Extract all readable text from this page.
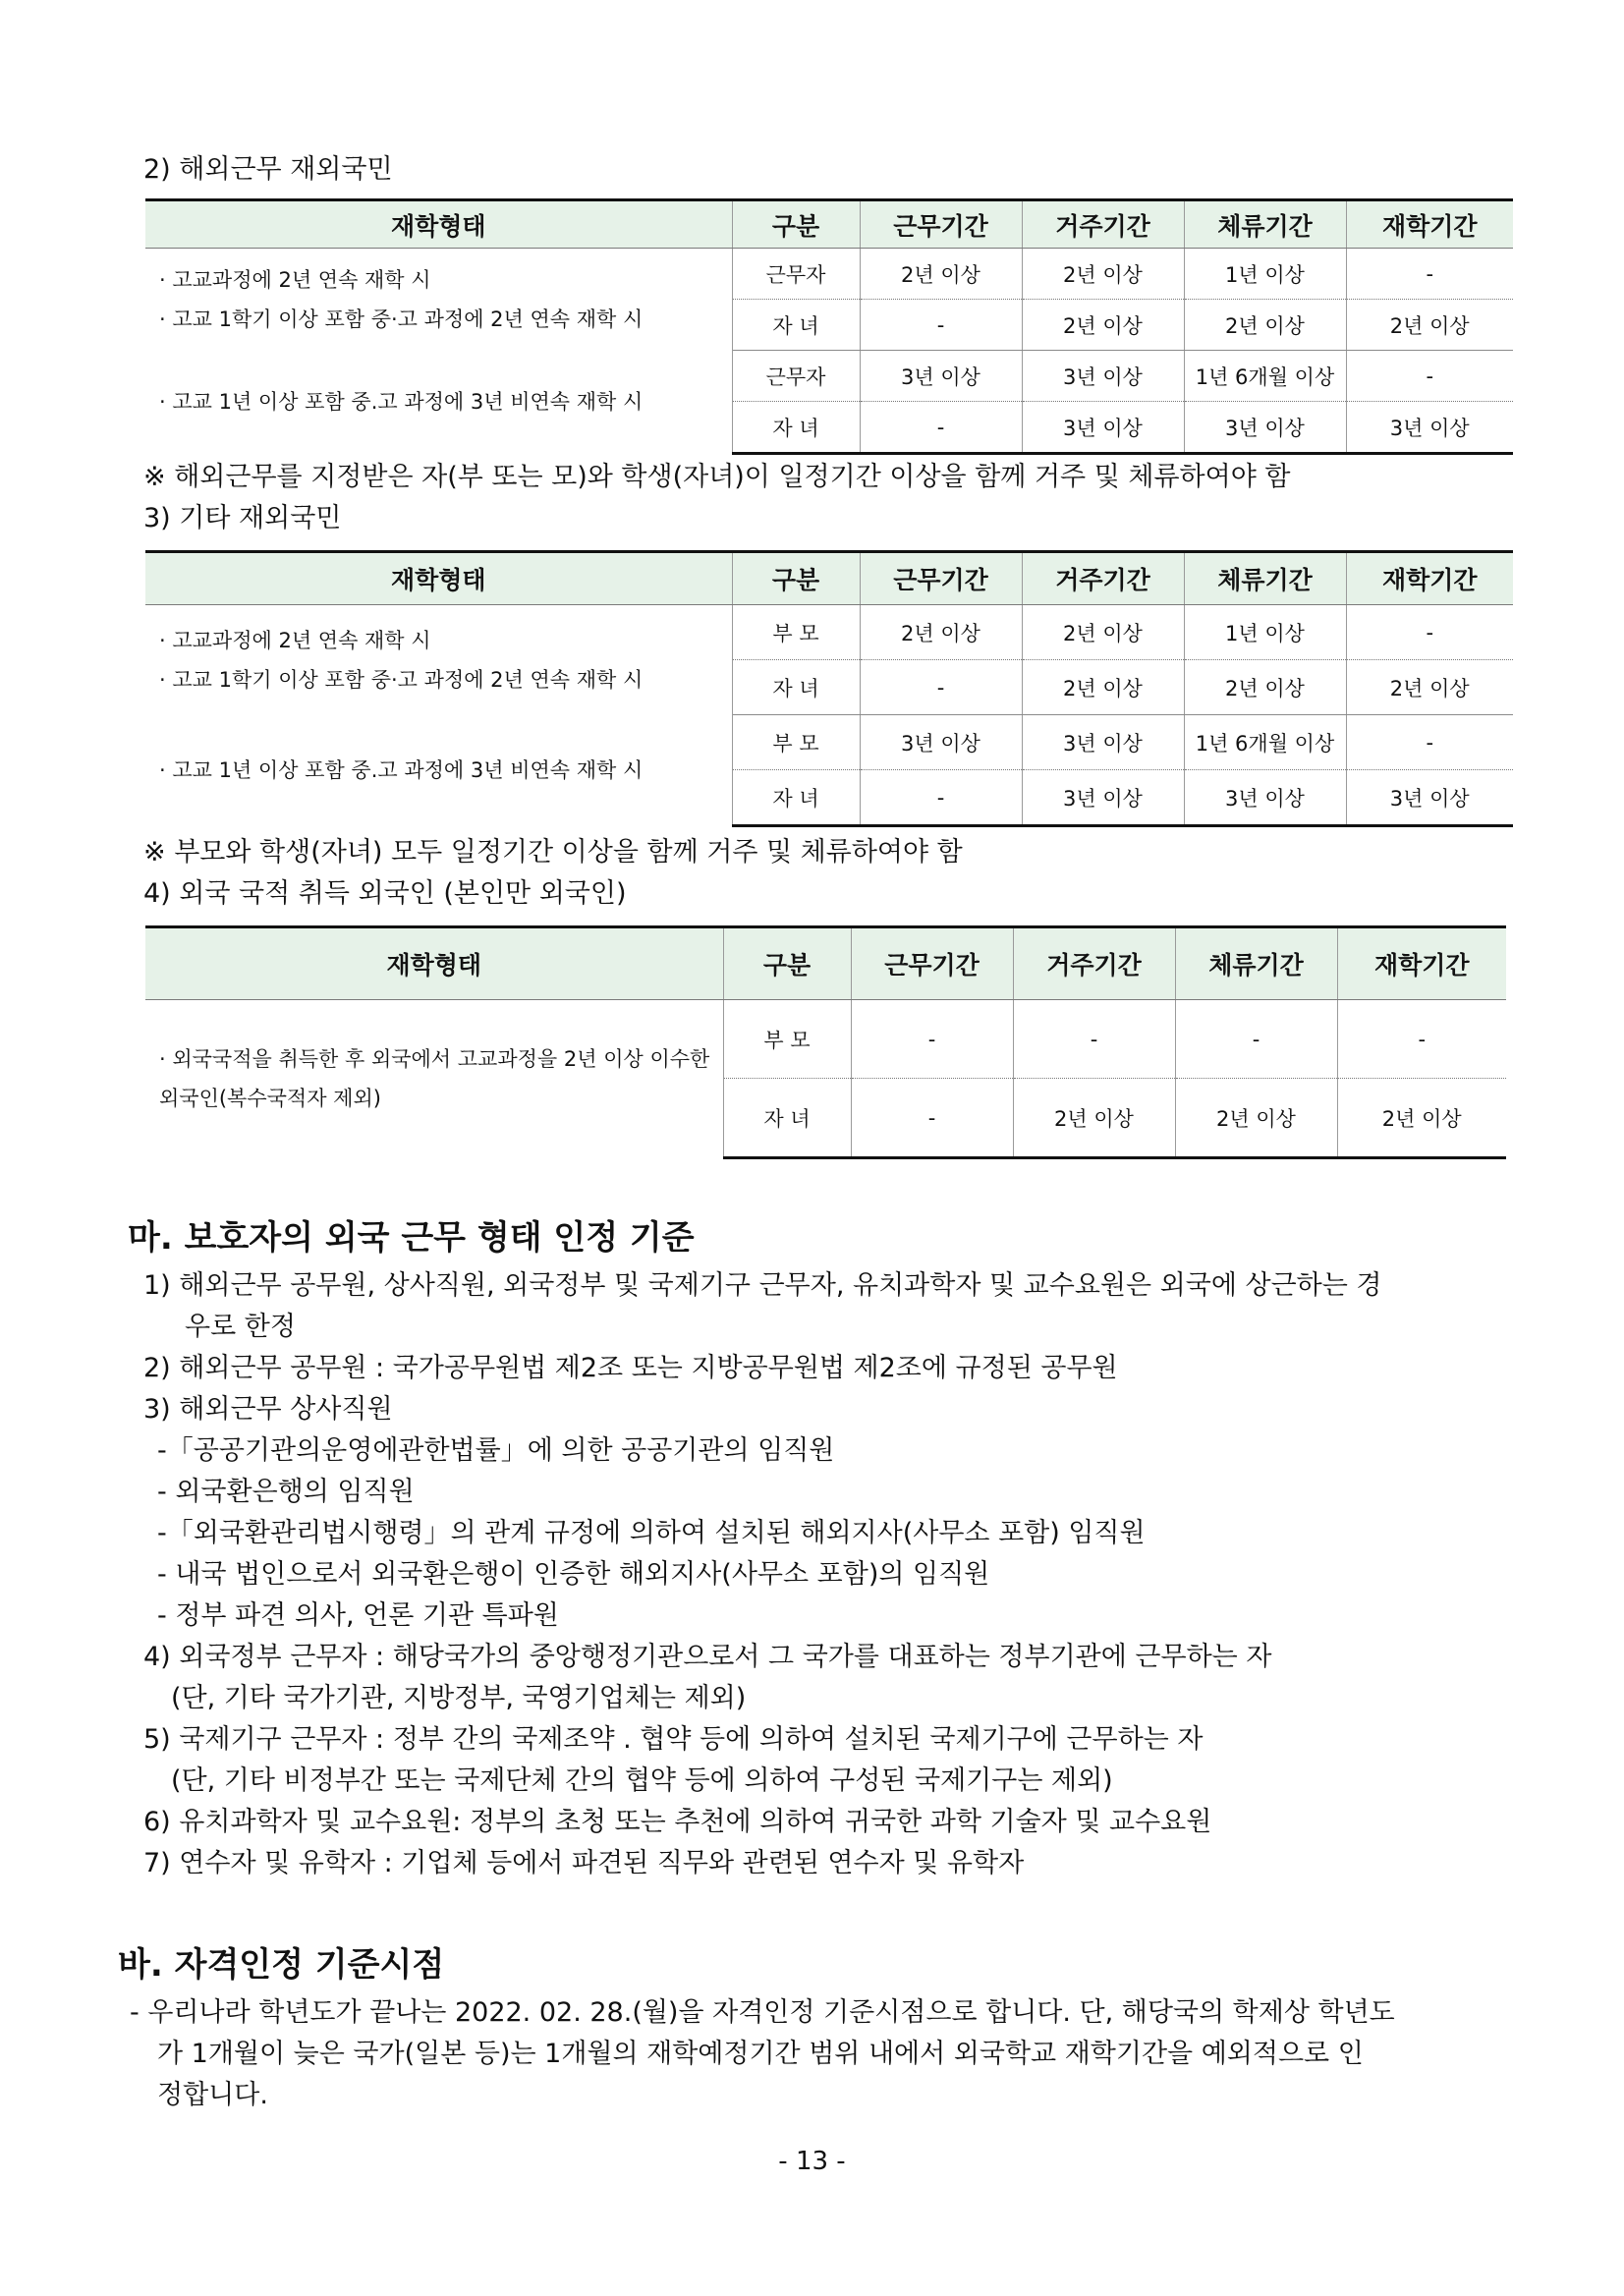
2) 해외근무 재외국민
재학형태	구분	근무기간	거주기간	체류기간	재학기간

· 고교과정에 2년 연속 재학 시
· 고교 1학기 이상 포함 중·고 과정에 2년 연속 재학 시	근무자	2년 이상	2년 이상	1년 이상	-
	자 녀	-	2년 이상	2년 이상	2년 이상

· 고교 1년 이상 포함 중.고 과정에 3년 비연속 재학 시	근무자	3년 이상	3년 이상	1년 6개월 이상	-
	자 녀	-	3년 이상	3년 이상	3년 이상
※ 해외근무를 지정받은 자(부 또는 모)와 학생(자녀)이 일정기간 이상을 함께 거주 및 체류하여야 함
3) 기타 재외국민
재학형태	구분	근무기간	거주기간	체류기간	재학기간

· 고교과정에 2년 연속 재학 시
· 고교 1학기 이상 포함 중·고 과정에 2년 연속 재학 시	부 모	2년 이상	2년 이상	1년 이상	-
	자 녀	-	2년 이상	2년 이상	2년 이상

· 고교 1년 이상 포함 중.고 과정에 3년 비연속 재학 시	부 모	3년 이상	3년 이상	1년 6개월 이상	-
	자 녀	-	3년 이상	3년 이상	3년 이상
※ 부모와 학생(자녀) 모두 일정기간 이상을 함께 거주 및 체류하여야 함
4) 외국 국적 취득 외국인 (본인만 외국인)
재학형태	구분	근무기간	거주기간	체류기간	재학기간

· 외국국적을 취득한 후 외국에서 고교과정을 2년 이상 이수한
외국인(복수국적자 제외)	부 모	-	-	-	-
	자 녀	-	2년 이상	2년 이상	2년 이상
마. 보호자의 외국 근무 형태 인정 기준
1) 해외근무 공무원, 상사직원, 외국정부 및 국제기구 근무자, 유치과학자 및 교수요원은 외국에 상근하는 경
우로 한정
2) 해외근무 공무원 : 국가공무원법 제2조 또는 지방공무원법 제2조에 규정된 공무원
3) 해외근무 상사직원
-「공공기관의운영에관한법률」에 의한 공공기관의 임직원
- 외국환은행의 임직원
-「외국환관리법시행령」의 관계 규정에 의하여 설치된 해외지사(사무소 포함) 임직원
- 내국 법인으로서 외국환은행이 인증한 해외지사(사무소 포함)의 임직원
- 정부 파견 의사, 언론 기관 특파원
4) 외국정부 근무자 : 해당국가의 중앙행정기관으로서 그 국가를 대표하는 정부기관에 근무하는 자
(단, 기타 국가기관, 지방정부, 국영기업체는 제외)
5) 국제기구 근무자 : 정부 간의 국제조약 . 협약 등에 의하여 설치된 국제기구에 근무하는 자
(단, 기타 비정부간 또는 국제단체 간의 협약 등에 의하여 구성된 국제기구는 제외)
6) 유치과학자 및 교수요원: 정부의 초청 또는 추천에 의하여 귀국한 과학 기술자 및 교수요원
7) 연수자 및 유학자 : 기업체 등에서 파견된 직무와 관련된 연수자 및 유학자
바. 자격인정 기준시점
- 우리나라 학년도가 끝나는 2022. 02. 28.(월)을 자격인정 기준시점으로 합니다. 단, 해당국의 학제상 학년도
가 1개월이 늦은 국가(일본 등)는 1개월의 재학예정기간 범위 내에서 외국학교 재학기간을 예외적으로 인
정합니다.
- 13 -
